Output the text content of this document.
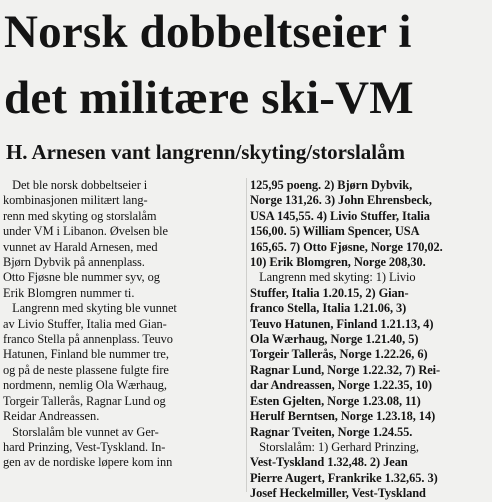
Norsk dobbeltseier i
det militære ski-VM
H. Arnesen vant langrenn/skyting/storslalåm
Det ble norsk dobbeltseier i
kombinasjonen militært lang-
renn med skyting og storslalåm
under VM i Libanon. Øvelsen ble
vunnet av Harald Arnesen, med
Bjørn Dybvik på annenplass.
Otto Fjøsne ble nummer syv, og
Erik Blomgren nummer ti.
Langrenn med skyting ble vunnet
av Livio Stuffer, Italia med Gian-
franco Stella på annenplass. Teuvo
Hatunen, Finland ble nummer tre,
og på de neste plassene fulgte fire
nordmenn, nemlig Ola Wærhaug,
Torgeir Tallerås, Ragnar Lund og
Reidar Andreassen.
Storslalåm ble vunnet av Ger-
hard Prinzing, Vest-Tyskland. In-
gen av de nordiske løpere kom inn
125,95 poeng. 2) Bjørn Dybvik,
Norge 131,26. 3) John Ehrensbeck,
USA 145,55. 4) Livio Stuffer, Italia
156,00. 5) William Spencer, USA
165,65. 7) Otto Fjøsne, Norge 170,02.
10) Erik Blomgren, Norge 208,30.
Langrenn med skyting: 1) Livio
Stuffer, Italia 1.20.15, 2) Gian-
franco Stella, Italia 1.21.06, 3)
Teuvo Hatunen, Finland 1.21.13, 4)
Ola Wærhaug, Norge 1.21.40, 5)
Torgeir Tallerås, Norge 1.22.26, 6)
Ragnar Lund, Norge 1.22.32, 7) Rei-
dar Andreassen, Norge 1.22.35, 10)
Esten Gjelten, Norge 1.23.08, 11)
Herulf Berntsen, Norge 1.23.18, 14)
Ragnar Tveiten, Norge 1.24.55.
Storslalåm: 1) Gerhard Prinzing,
Vest-Tyskland 1.32,48. 2) Jean
Pierre Augert, Frankrike 1.32,65. 3)
Josef Heckelmiller, Vest-Tyskland
